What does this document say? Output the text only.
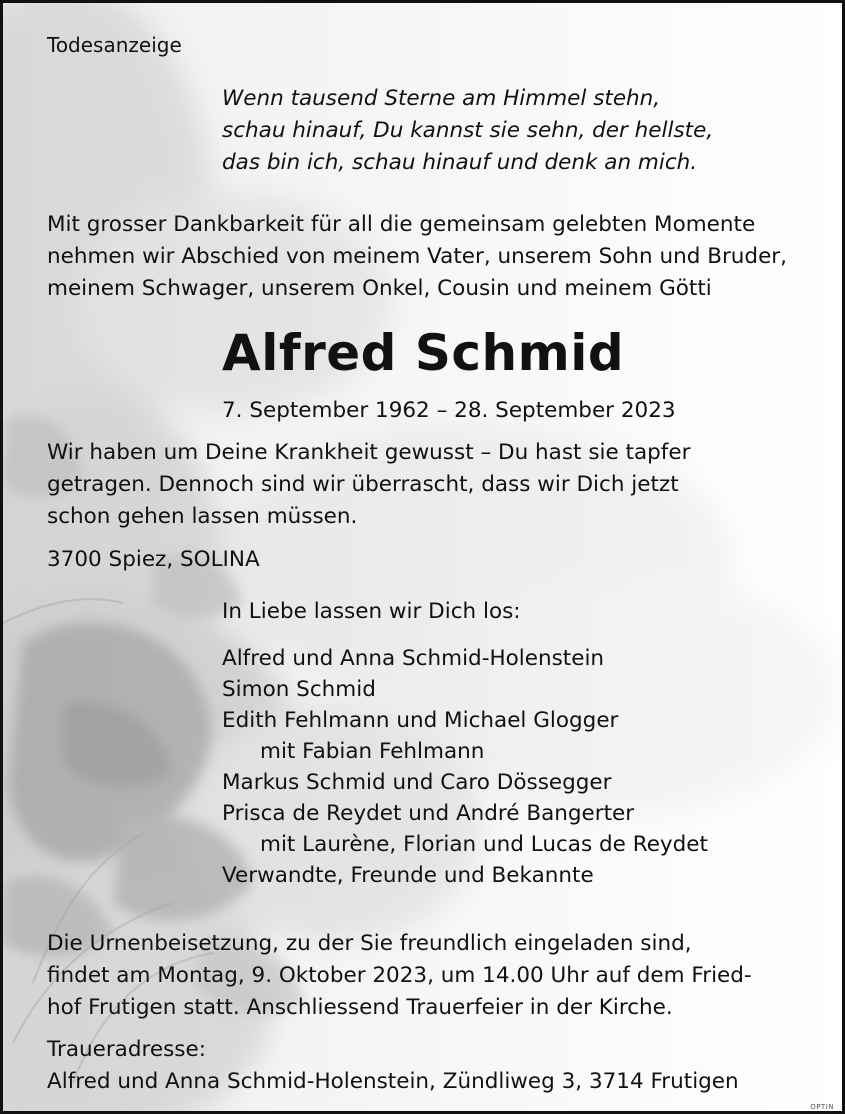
Todesanzeige

Wenn tausend Sterne am Himmel stehn,
schau hinauf, Du kannst sie sehn, der hellste,
das bin ich, schau hinauf und denk an mich.

Mit grosser Dankbarkeit für all die gemeinsam gelebten Momente
nehmen wir Abschied von meinem Vater, unserem Sohn und Bruder,
meinem Schwager, unserem Onkel, Cousin und meinem Götti

Alfred Schmid

7. September 1962 – 28. September 2023

Wir haben um Deine Krankheit gewusst – Du hast sie tapfer
getragen. Dennoch sind wir überrascht, dass wir Dich jetzt
schon gehen lassen müssen.

3700 Spiez, SOLINA

In Liebe lassen wir Dich los:

Alfred und Anna Schmid-Holenstein
Simon Schmid
Edith Fehlmann und Michael Glogger
mit Fabian Fehlmann
Markus Schmid und Caro Dössegger
Prisca de Reydet und André Bangerter
mit Laurène, Florian und Lucas de Reydet
Verwandte, Freunde und Bekannte

Die Urnenbeisetzung, zu der Sie freundlich eingeladen sind,
findet am Montag, 9. Oktober 2023, um 14.00 Uhr auf dem Fried-
hof Frutigen statt. Anschliessend Trauerfeier in der Kirche.

Traueradresse:
Alfred und Anna Schmid-Holenstein, Zündliweg 3, 3714 Frutigen

OPTIN
